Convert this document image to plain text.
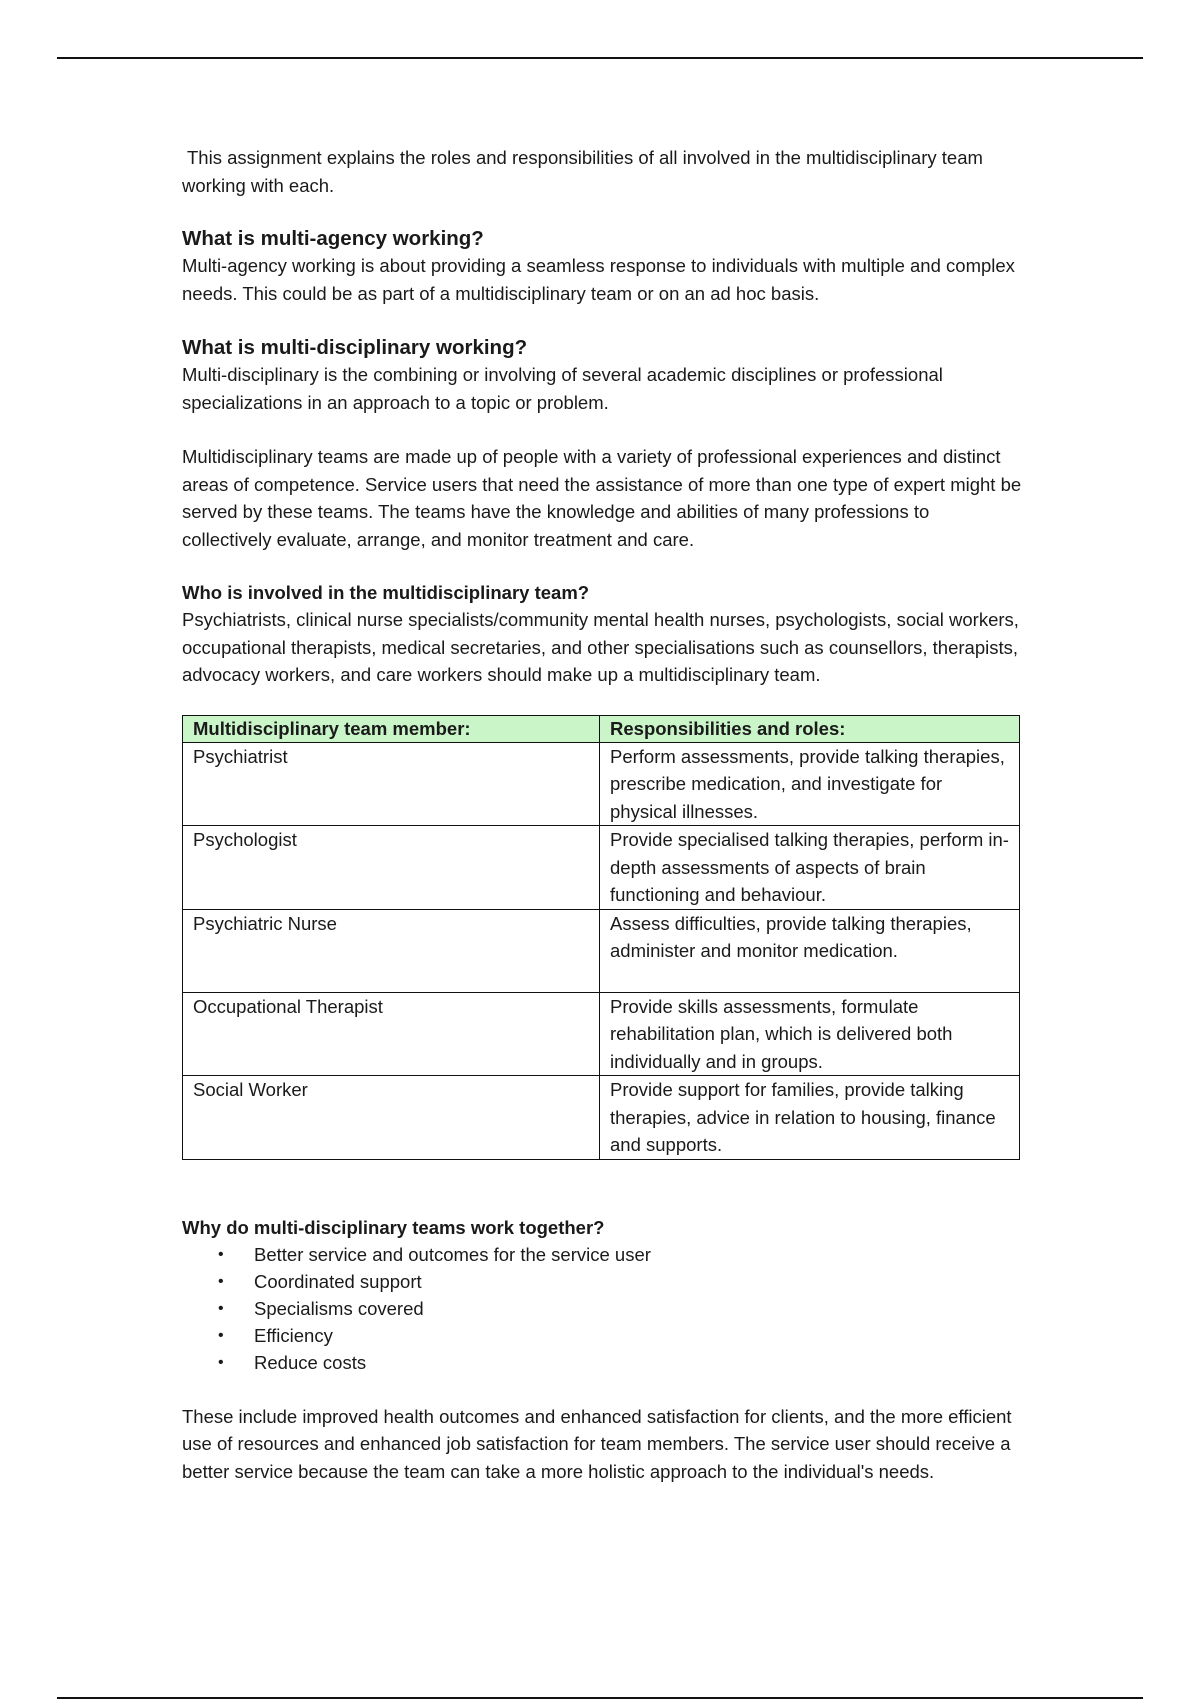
This assignment explains the roles and responsibilities of all involved in the multidisciplinary team working with each.

What is multi-agency working?

Multi-agency working is about providing a seamless response to individuals with multiple and complex needs. This could be as part of a multidisciplinary team or on an ad hoc basis.

What is multi-disciplinary working?

Multi-disciplinary is the combining or involving of several academic disciplines or professional specializations in an approach to a topic or problem.

Multidisciplinary teams are made up of people with a variety of professional experiences and distinct areas of competence. Service users that need the assistance of more than one type of expert might be served by these teams. The teams have the knowledge and abilities of many professions to collectively evaluate, arrange, and monitor treatment and care.

Who is involved in the multidisciplinary team?

Psychiatrists, clinical nurse specialists/community mental health nurses, psychologists, social workers, occupational therapists, medical secretaries, and other specialisations such as counsellors, therapists, advocacy workers, and care workers should make up a multidisciplinary team.

Multidisciplinary team member:	Responsibilities and roles:
Psychiatrist	Perform assessments, provide talking therapies, prescribe medication, and investigate for physical illnesses.
Psychologist	Provide specialised talking therapies, perform in-depth assessments of aspects of brain functioning and behaviour.
Psychiatric Nurse	Assess difficulties, provide talking therapies, administer and monitor medication.
Occupational Therapist	Provide skills assessments, formulate rehabilitation plan, which is delivered both individually and in groups.
Social Worker	Provide support for families, provide talking therapies, advice in relation to housing, finance and supports.
Why do multi-disciplinary teams work together?
• Better service and outcomes for the service user
• Coordinated support
• Specialisms covered
• Efficiency
• Reduce costs

These include improved health outcomes and enhanced satisfaction for clients, and the more efficient use of resources and enhanced job satisfaction for team members. The service user should receive a better service because the team can take a more holistic approach to the individual's needs.
